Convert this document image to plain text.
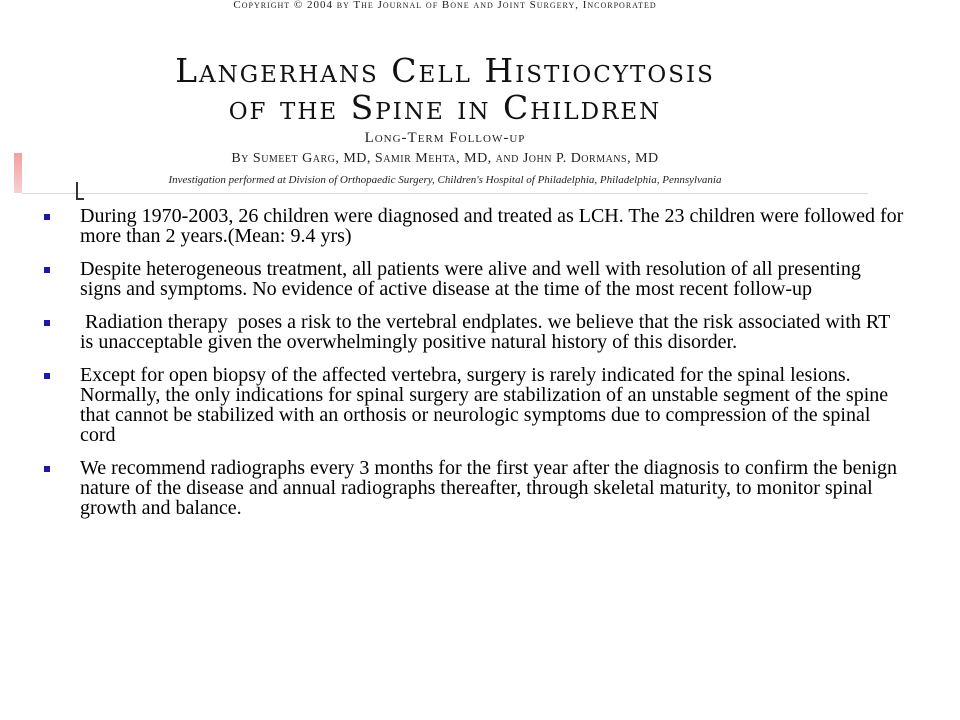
Copyright © 2004 by The Journal of Bone and Joint Surgery, Incorporated
Langerhans Cell Histiocytosis
of the Spine in Children
Long-Term Follow-up
By Sumeet Garg, MD, Samir Mehta, MD, and John P. Dormans, MD
Investigation performed at Division of Orthopaedic Surgery, Children's Hospital of Philadelphia, Philadelphia, Pennsylvania
During 1970-2003, 26 children were diagnosed and treated as LCH. The 23 children were followed for more than 2 years.(Mean: 9.4 yrs)
Despite heterogeneous treatment, all patients were alive and well with resolution of all presenting signs and symptoms. No evidence of active disease at the time of the most recent follow-up
Radiation therapy  poses a risk to the vertebral endplates. we believe that the risk associated with RT  is unacceptable given the overwhelmingly positive natural history of this disorder.
Except for open biopsy of the affected vertebra, surgery is rarely indicated for the spinal lesions. Normally, the only indications for spinal surgery are stabilization of an unstable segment of the spine that cannot be stabilized with an orthosis or neurologic symptoms due to compression of the spinal cord
We recommend radiographs every 3 months for the first year after the diagnosis to confirm the benign nature of the disease and annual radiographs thereafter, through skeletal maturity, to monitor spinal growth and balance.
